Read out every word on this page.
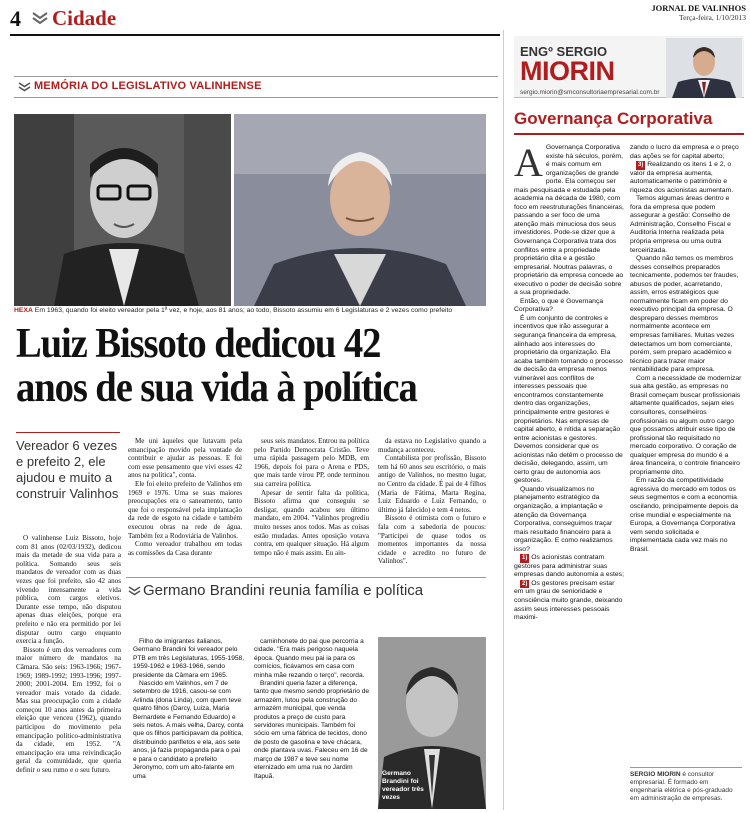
4 Cidade	JORNAL DE VALINHOS
Terça-feira, 1/10/2013
MEMÓRIA DO LEGISLATIVO VALINHENSE
HEXA Em 1963, quando foi eleito vereador pela 1ª vez, e hoje, aos 81 anos; ao todo, Bissoto assumiu em 6 Legislaturas e 2 vezes como prefeito
Luiz Bissoto dedicou 42 anos de sua vida à política
Vereador 6 vezes e prefeito 2, ele ajudou e muito a construir Valinhos

O valinhense Luiz Bissoto, hoje com 81 anos (02/03/1932), dedicou mais da metade de sua vida para a política. Somando seus seis mandatos de vereador com as duas vezes que foi prefeito, são 42 anos vivendo intensamente a vida pública, com cargos eletivos. Durante esse tempo, não disputou apenas duas eleições, porque era prefeito e não era permitido por lei disputar outro cargo enquanto exercia a função.

Bissoto é um dos vereadores com maior número de mandatos na Câmara. São seis: 1963-1966; 1967-1969; 1989-1992; 1993-1996; 1997-2000; 2001-2004. Em 1992, foi o vereador mais votado da cidade. Mas sua preocupação com a cidade começou 10 anos antes da primeira eleição que venceu (1962), quando participou do movimento pela emancipação político-administrativa da cidade, em 1952. "A emancipação era uma reivindicação geral da comunidade, que queria definir o seu rumo e o seu futuro.

Me uni àqueles que lutavam pela emancipação movido pela vontade de contribuir e ajudar as pessoas. E foi com esse pensamento que vivi esses 42 anos na política", conta.

Ele foi eleito prefeito de Valinhos em 1969 e 1976. Uma se suas maiores preocupações era o saneamento, tanto que foi o responsável pela implantação da rede de esgoto na cidade e também executou obras na rede de água. Também fez a Rodoviária de Valinhos.

Como vereador trabalhou em todas as comissões da Casa durante

seus seis mandatos. Entrou na política pelo Partido Democrata Cristão. Teve uma rápida passagem pelo MDB, em 1966, depois foi para o Arena e PDS, que mais tarde virou PP, onde terminou sua carreira política.

Apesar de sentir falta da política, Bissoto afirma que conseguiu se desligar, quando acabou seu último mandato, em 2004. "Valinhos progrediu muito nesses anos todos. Mas as coisas estão mudadas. Antes oposição votava contra, em qualquer situação. Há algum tempo não é mais assim. Eu ain-

da estava no Legislativo quando a mudança aconteceu.

Contabilista por profissão, Bissoto tem há 60 anos seu escritório, o mais antigo de Valinhos, no mesmo lugar, no Centro da cidade. É pai de 4 filhos (Maria de Fátima, Marta Regina, Luiz Eduardo e Luiz Fernando, o último já falecido) e tem 4 netos.

Bissoto é otimista com o futuro e fala com a sabedoria de poucos: "Participei de quase todos os momentos importantes da nossa cidade e acredito no futuro de Valinhos".

Germano Brandini reunia família e política

Filho de imigrantes italianos, Germano Brandini foi vereador pelo PTB em três Legislaturas, 1955-1958, 1959-1962 e 1963-1966, sendo presidente da Câmara em 1965.

Nascido em Valinhos, em 7 de setembro de 1916, casou-se com Arlinda (dona Linda), com quem teve quatro filhos (Darcy, Luiza, Maria Bernardete e Fernando Eduardo) e seis netos. A mais velha, Darcy, conta que os filhos participavam da política, distribuindo panfletos e ela, aos sete anos, já fazia propaganda para o pai e para o candidato a prefeito Jeronymo, com um alto-falante em uma

caminhonete do pai que percorria a cidade. "Era mais perigoso naquela época. Quando meu pai ia para os comícios, ficávamos em casa com minha mãe rezando o terço", recorda.

Brandini queria fazer a diferença, tanto que mesmo sendo proprietário de armazém, lutou pela construção do armazém municipal, que venda produtos a preço de custo para servidores municipais. Também foi sócio em uma fábrica de tecidos, dono de posto de gasolina e teve chácara, onde plantava uvas. Faleceu em 16 de março de 1987 e teve seu nome eternizado em uma rua no Jardim Itapuã.	Germano Brandini foi vereador três vezes
ENGº SERGIO
MIORIN
sergio.miorin@smconsultoriaempresarial.com.br
Governança Corporativa

A Governança Corporativa existe há séculos, porém, é mais comum em organizações de grande porte. Ela começou ser mais pesquisada e estudada pela academia na década de 1980, com foco em reestruturações financeiras, passando a ser foco de uma atenção mais minuciosa dos seus investidores. Pode-se dizer que a Governança Corporativa trata dos conflitos entre a propriedade proprietário dita e a gestão empresarial. Noutras palavras, o proprietário da empresa concede ao executivo o poder de decisão sobre a sua propriedade.

Então, o que é Governança Corporativa?

É um conjunto de controles e incentivos que irão assegurar a segurança financeira da empresa, alinhado aos interesses do proprietário da organização. Ela acaba também tornando o processo de decisão da empresa menos vulnerável aos conflitos de interesses pessoais que encontramos constantemente dentro das organizações, principalmente entre gestores e proprietários. Nas empresas de capital aberto, é nítida a separação entre acionistas e gestores. Devemos considerar que os acionistas não detêm o processo de decisão, delegando, assim, um certo grau de autonomia aos gestores.

Quando visualizamos no planejamento estratégico da organização, a implantação e atenção da Governança Corporativa, conseguimos traçar mais resultado financeiro para a organização. E como realizamos isso?

1) Os acionistas contratam gestores para administrar suas empresas dando autonomia a estes;

2) Os gestores precisam estar em um grau de senioridade e consciência muito grande, deixando assim seus interesses pessoais maximi-

zando o lucro da empresa e o preço das ações se for capital aberto;

3) Realizando os itens 1 e 2, o valor da empresa aumenta, automaticamente o patrimônio e riqueza dos acionistas aumentam.

Temos algumas áreas dentro e fora da empresa que podem assegurar a gestão: Conselho de Administração, Conselho Fiscal e Auditoria Interna realizada pela própria empresa ou uma outra terceirizada.

Quando não temos os membros desses conselhos preparados tecnicamente, podemos ter fraudes, abusos de poder, acarretando, assim, erros estratégicos que normalmente ficam em poder do executivo principal da empresa. O despreparo desses membros normalmente acontece em empresas familiares. Muitas vezes detectamos um bom comerciante, porém, sem preparo acadêmico e técnico para trazer maior rentabilidade para empresa.

Com a necessidade de modernizar sua alta gestão, as empresas no Brasil começam buscar profissionais altamente qualificados, sejam eles consultores, conselheiros profissionais ou algum outro cargo que possamos atribuir esse tipo de profissional tão requisitado no mercado corporativo. O coração de qualquer empresa do mundo é a área financeira, o controle financeiro propriamente dito.

Em razão da competitividade agressiva do mercado em todos os seus segmentos e com a economia oscilando, principalmente depois da crise mundial e especialmente na Europa, a Governança Corporativa vem sendo solicitada e implementada cada vez mais no Brasil.

SERGIO MIORIN é consultor empresarial. É formado em engenharia elétrica e pós-graduado em administração de empresas.
